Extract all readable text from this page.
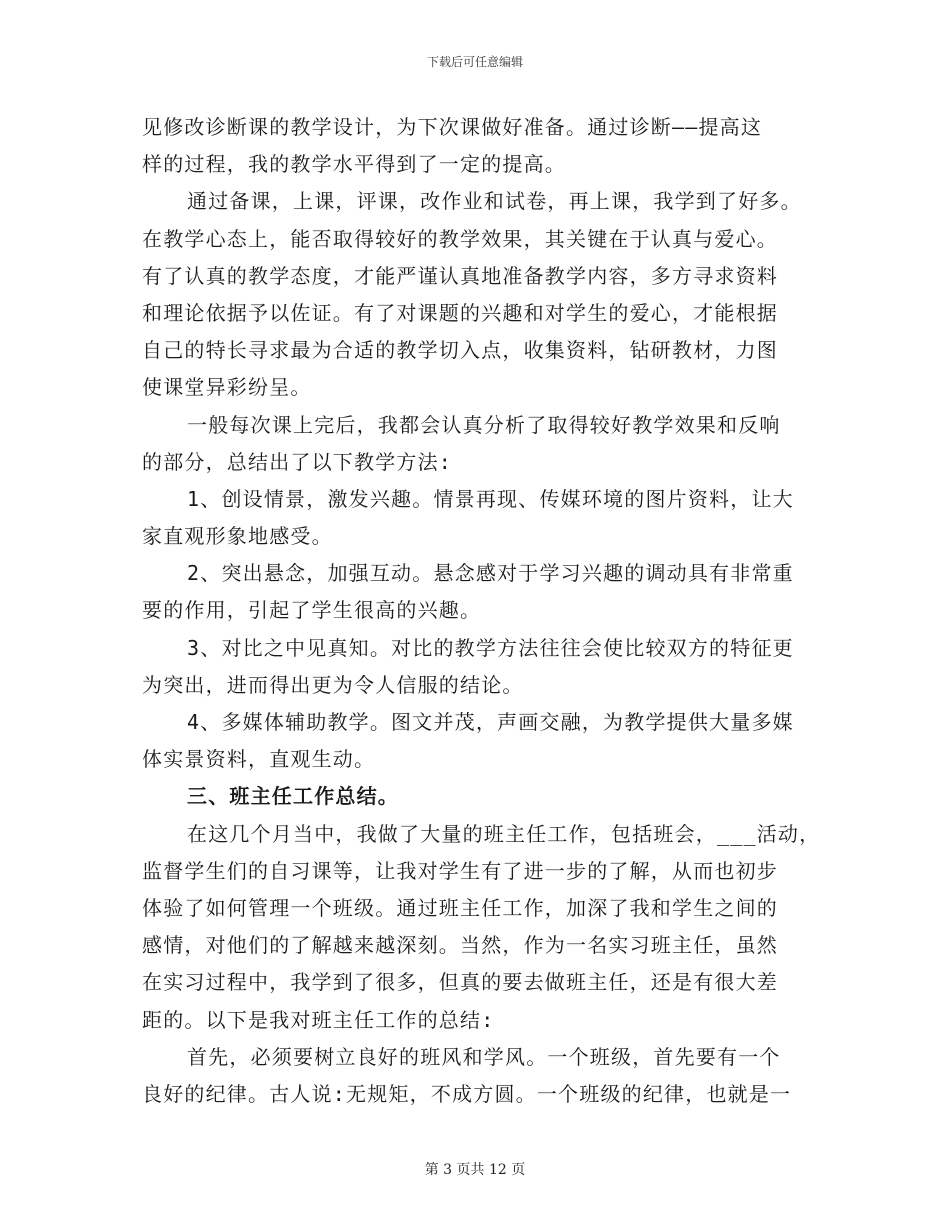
下载后可任意编辑
见修改诊断课的教学设计，为下次课做好准备。通过诊断——提高这
样的过程，我的教学水平得到了一定的提高。
通过备课，上课，评课，改作业和试卷，再上课，我学到了好多。
在教学心态上，能否取得较好的教学效果，其关键在于认真与爱心。
有了认真的教学态度，才能严谨认真地准备教学内容，多方寻求资料
和理论依据予以佐证。有了对课题的兴趣和对学生的爱心，才能根据
自己的特长寻求最为合适的教学切入点，收集资料，钻研教材，力图
使课堂异彩纷呈。
一般每次课上完后，我都会认真分析了取得较好教学效果和反响
的部分，总结出了以下教学方法:
1、创设情景，激发兴趣。情景再现、传媒环境的图片资料，让大
家直观形象地感受。
2、突出悬念，加强互动。悬念感对于学习兴趣的调动具有非常重
要的作用，引起了学生很高的兴趣。
3、对比之中见真知。对比的教学方法往往会使比较双方的特征更
为突出，进而得出更为令人信服的结论。
4、多媒体辅助教学。图文并茂，声画交融，为教学提供大量多媒
体实景资料，直观生动。
三、班主任工作总结。
在这几个月当中，我做了大量的班主任工作，包括班会，___活动，
监督学生们的自习课等，让我对学生有了进一步的了解，从而也初步
体验了如何管理一个班级。通过班主任工作，加深了我和学生之间的
感情，对他们的了解越来越深刻。当然，作为一名实习班主任，虽然
在实习过程中，我学到了很多，但真的要去做班主任，还是有很大差
距的。以下是我对班主任工作的总结:
首先，必须要树立良好的班风和学风。一个班级，首先要有一个
良好的纪律。古人说:无规矩，不成方圆。一个班级的纪律，也就是一
第 3 页共 12 页
